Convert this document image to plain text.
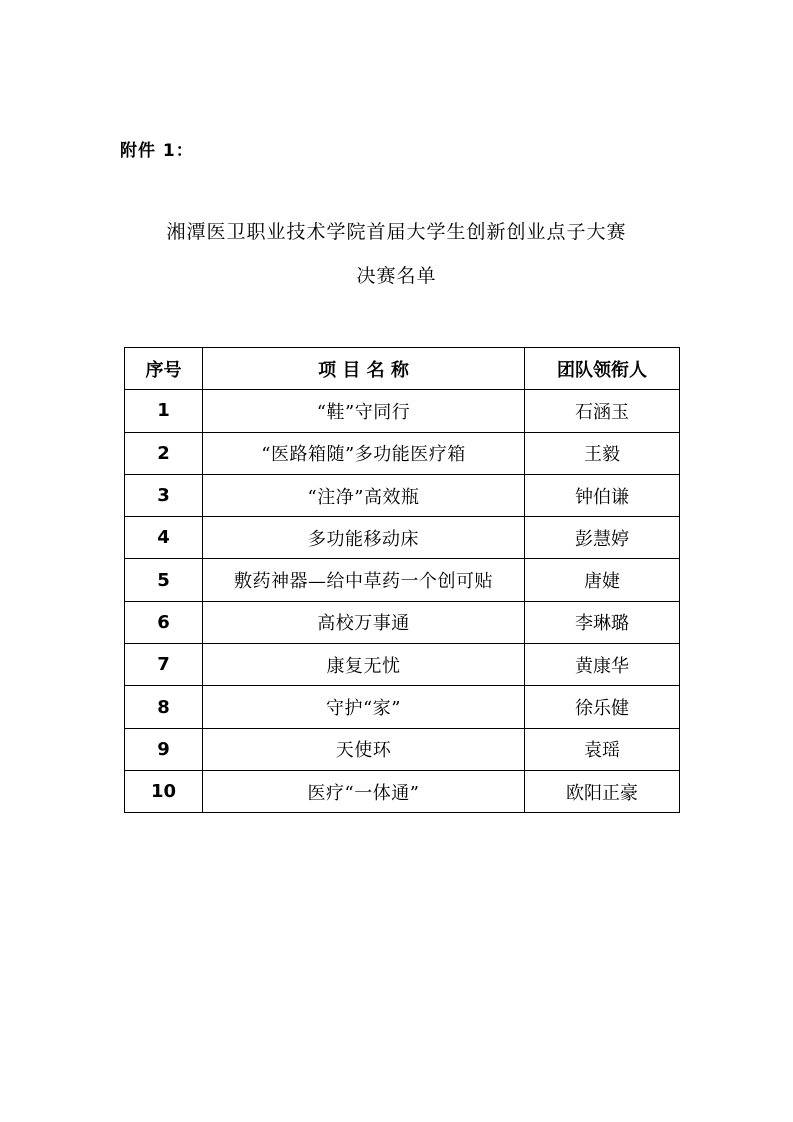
附件 1：
湘潭医卫职业技术学院首届大学生创新创业点子大赛
决赛名单
序号	项 目 名 称	团队领衔人
1	“鞋”守同行	石涵玉
2	“医路箱随”多功能医疗箱	王毅
3	“注净”高效瓶	钟伯谦
4	多功能移动床	彭慧婷
5	敷药神器—给中草药一个创可贴	唐婕
6	高校万事通	李琳璐
7	康复无忧	黄康华
8	守护“家”	徐乐健
9	天使环	袁瑶
10	医疗“一体通”	欧阳正豪
